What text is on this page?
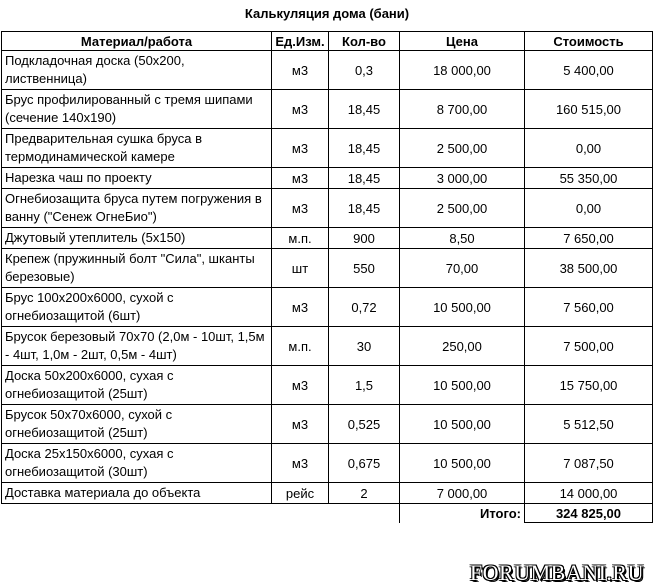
Калькуляция дома (бани)
Материал/работа	Ед.Изм.	Кол-во	Цена	Стоимость
Подкладочная доска (50х200, лиственница)	м3	0,3	18 000,00	5 400,00
Брус профилированный с тремя шипами (сечение 140х190)	м3	18,45	8 700,00	160 515,00
Предварительная сушка бруса в термодинамической камере	м3	18,45	2 500,00	0,00
Нарезка чаш по проекту	м3	18,45	3 000,00	55 350,00
Огнебиозащита бруса путем погружения в ванну ("Сенеж ОгнеБио")	м3	18,45	2 500,00	0,00
Джутовый утеплитель (5х150)	м.п.	900	8,50	7 650,00
Крепеж (пружинный болт "Сила", шканты березовые)	шт	550	70,00	38 500,00
Брус 100х200х6000, сухой с огнебиозащитой (6шт)	м3	0,72	10 500,00	7 560,00
Брусок березовый 70х70 (2,0м - 10шт, 1,5м - 4шт, 1,0м - 2шт, 0,5м - 4шт)	м.п.	30	250,00	7 500,00
Доска 50х200х6000, сухая с огнебиозащитой (25шт)	м3	1,5	10 500,00	15 750,00
Брусок 50х70х6000, сухой с огнебиозащитой (25шт)	м3	0,525	10 500,00	5 512,50
Доска 25х150х6000, сухая с огнебиозащитой (30шт)	м3	0,675	10 500,00	7 087,50
Доставка материала до объекта	рейс	2	7 000,00	14 000,00
			Итого:	324 825,00
FORUMBANI.RU
